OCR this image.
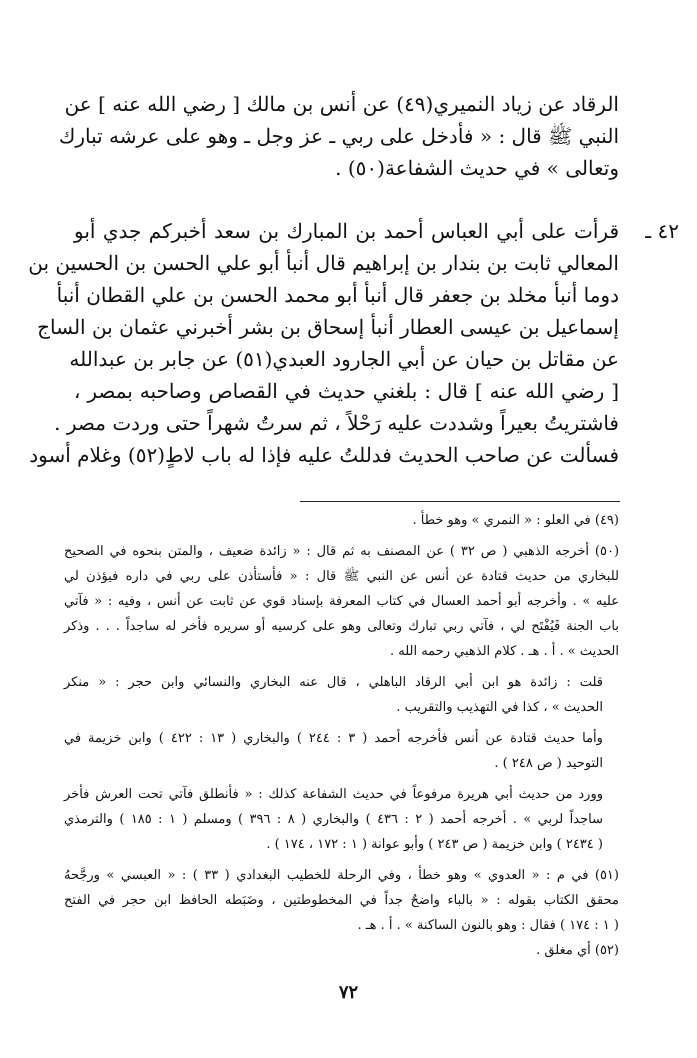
الرقاد عن زياد النميري(٤٩) عن أنس بن مالك [ رضي الله عنه ] عن
النبي ﷺ قال : « فأدخل على ربي ـ عز وجل ـ وهو على عرشه تبارك
وتعالى » في حديث الشفاعة(٥٠) .
٤٢ ـ
قرأت على أبي العباس أحمد بن المبارك بن سعد أخبركم جدي أبو
المعالي ثابت بن بندار بن إبراهيم قال أنبأ أبو علي الحسن بن الحسين بن
دوما أنبأ مخلد بن جعفر قال أنبأ أبو محمد الحسن بن علي القطان أنبأ
إسماعيل بن عيسى العطار أنبأ إسحاق بن بشر أخبرني عثمان بن الساج
عن مقاتل بن حيان عن أبي الجارود العبدي(٥١) عن جابر بن عبدالله
[ رضي الله عنه ] قال : بلغني حديث في القصاص وصاحبه بمصر ،
فاشتريتُ بعيراً وشددت عليه رَحْلاً ، ثم سرتُ شهراً حتى وردت مصر .
فسألت عن صاحب الحديث فدللتُ عليه فإذا له باب لاطٍ(٥٢) وغلام أسود
(٤٩) في العلو : « النمري » وهو خطأ .
(٥٠) أخرجه الذهبي ( ص ٣٢ ) عن المصنف به ثم قال : « زائدة ضعيف ، والمتن بنحوه في الصحيح
للبخاري من حديث قتادة عن أنس عن النبي ﷺ قال : « فأستأذن على ربي في داره فيؤذن لي
عليه » . وأخرجه أبو أحمد العسال في كتاب المعرفة بإسناد قوي عن ثابت عن أنس ، وفيه : « فآتي
باب الجنة فَيُفْتَح لي ، فآتي ربي تبارك وتعالى وهو على كرسيه أو سريره فأخر له ساجداً . . . وذكر
الحديث » . أ . هـ . كلام الذهبي رحمه الله .
قلت : زائدة هو ابن أبي الرقاد الباهلي ، قال عنه البخاري والنسائي وابن حجر : « منكر
الحديث » ، كذا في التهذيب والتقريب .
وأما حديث قتادة عن أنس فأخرجه أحمد ( ٣ : ٢٤٤ ) والبخاري ( ١٣ : ٤٢٢ ) وابن خزيمة في
التوحيد ( ص ٢٤٨ ) .
وورد من حديث أبي هريرة مرفوعاً في حديث الشفاعة كذلك : « فأنطلق فآتي تحت العرش فأخر
ساجداً لربي » . أخرجه أحمد ( ٢ : ٤٣٦ ) والبخاري ( ٨ : ٣٩٦ ) ومسلم ( ١ : ١٨٥ ) والترمذي
( ٢٤٣٤ ) وابن خزيمة ( ص ٢٤٣ ) وأبو عوانة ( ١ : ١٧٢ ، ١٧٤ ) .
(٥١) في م : « العدوي » وهو خطأ ، وفي الرحلة للخطيب البغدادي ( ٣٣ ) : « العبسي » ورجَّحهُ
محقق الكتاب بقوله : « بالباء واضحٌ جداً في المخطوطتين ، وضَبَطه الحافظ ابن حجر في الفتح
( ١ : ١٧٤ ) فقال : وهو بالنون الساكنة » . أ . هـ .
(٥٢) أي مغلق .
٧٢
